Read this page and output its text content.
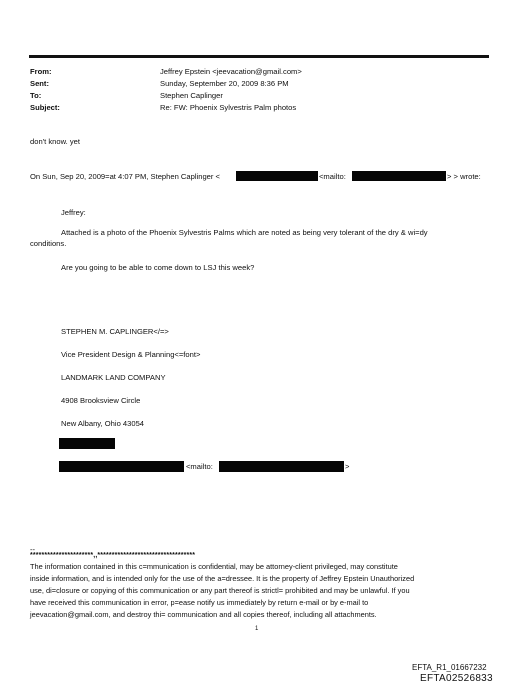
From:	Jeffrey Epstein <jeevacation@gmail.com>
Sent:	Sunday, September 20, 2009 8:36 PM
To:	Stephen Caplinger
Subject:	Re: FW: Phoenix Sylvestris Palm photos
don't know. yet
On Sun, Sep 20, 2009=at 4:07 PM, Stephen Caplinger <	<mailto:	> > wrote:
Jeffrey:
Attached is a photo of the Phoenix Sylvestris Palms which are noted as being very tolerant of the dry & wi=dy
conditions.
Are you going to be able to come down to LSJ this week?
STEPHEN M. CAPLINGER</=>
Vice President Design & Planning<=font>
LANDMARK LAND COMPANY
4908 Brooksview Circle
New Albany, Ohio 43054
<mailto:	>
--
**********************,,**********************************
The information contained in this c=mmunication is confidential, may be attorney-client privileged, may constitute
inside information, and is intended only for the use of the a=dressee. It is the property of Jeffrey Epstein Unauthorized
use, di=closure or copying of this communication or any part thereof is strictl= prohibited and may be unlawful. If you
have received this communication in error, p=ease notify us immediately by return e-mail or by e-mail to
jeevacation@gmail.com, and destroy thi= communication and all copies thereof, including all attachments.
1
EFTA_R1_01667232
EFTA02526833
